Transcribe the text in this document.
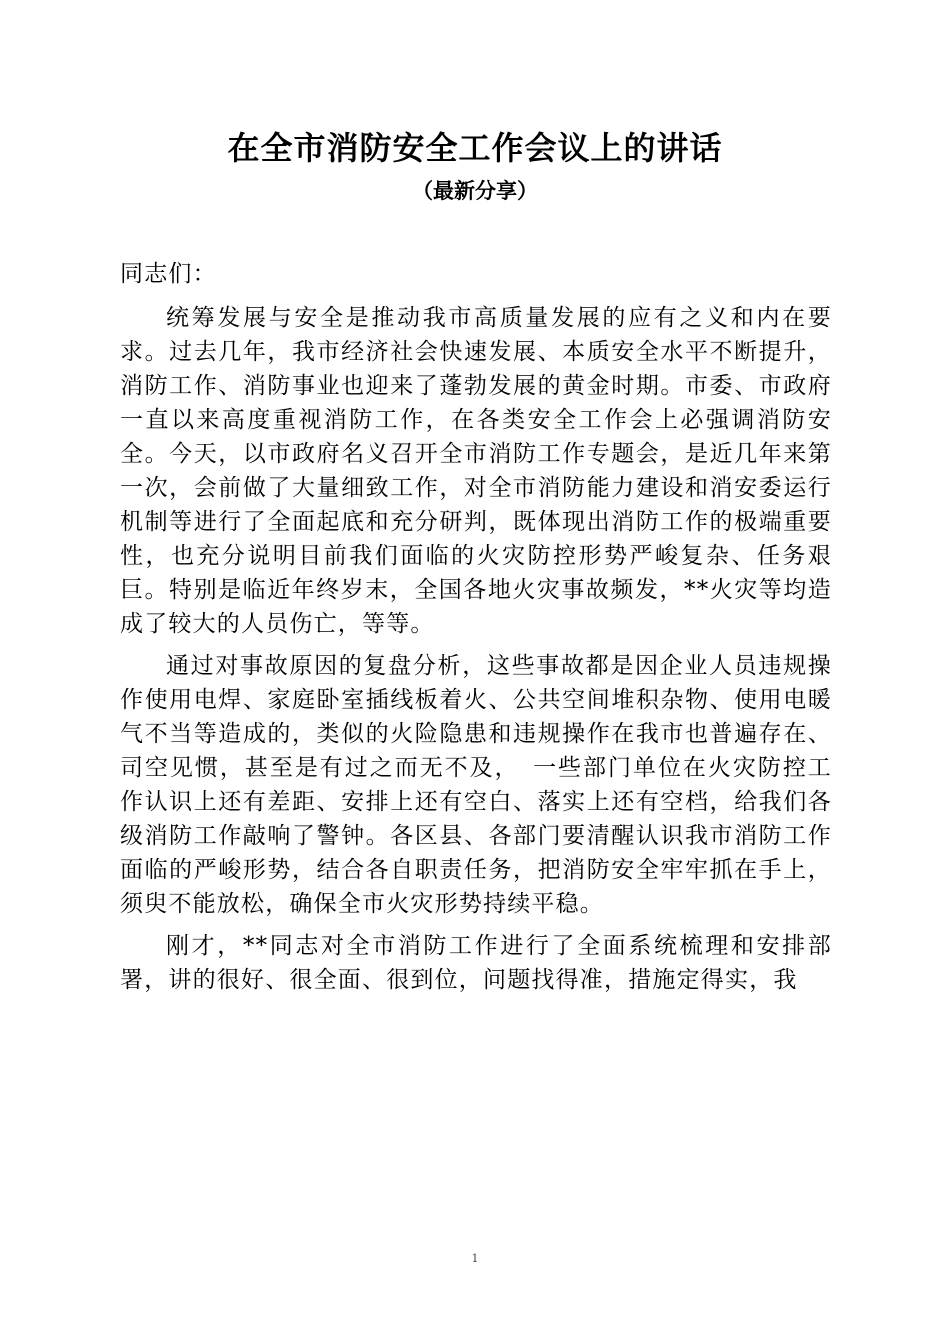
在全市消防安全工作会议上的讲话
（最新分享）

同志们：

统筹发展与安全是推动我市高质量发展的应有之义和内在要求。过去几年，我市经济社会快速发展、本质安全水平不断提升，消防工作、消防事业也迎来了蓬勃发展的黄金时期。市委、市政府一直以来高度重视消防工作，在各类安全工作会上必强调消防安全。今天，以市政府名义召开全市消防工作专题会，是近几年来第一次，会前做了大量细致工作，对全市消防能力建设和消安委运行机制等进行了全面起底和充分研判，既体现出消防工作的极端重要性，也充分说明目前我们面临的火灾防控形势严峻复杂、任务艰巨。特别是临近年终岁末，全国各地火灾事故频发，**火灾等均造成了较大的人员伤亡，等等。

通过对事故原因的复盘分析，这些事故都是因企业人员违规操作使用电焊、家庭卧室插线板着火、公共空间堆积杂物、使用电暖气不当等造成的，类似的火险隐患和违规操作在我市也普遍存在、司空见惯，甚至是有过之而无不及，　一些部门单位在火灾防控工作认识上还有差距、安排上还有空白、落实上还有空档，给我们各级消防工作敲响了警钟。各区县、各部门要清醒认识我市消防工作面临的严峻形势，结合各自职责任务，把消防安全牢牢抓在手上，须臾不能放松，确保全市火灾形势持续平稳。

刚才，**同志对全市消防工作进行了全面系统梳理和安排部署，讲的很好、很全面、很到位，问题找得准，措施定得实，我

1
